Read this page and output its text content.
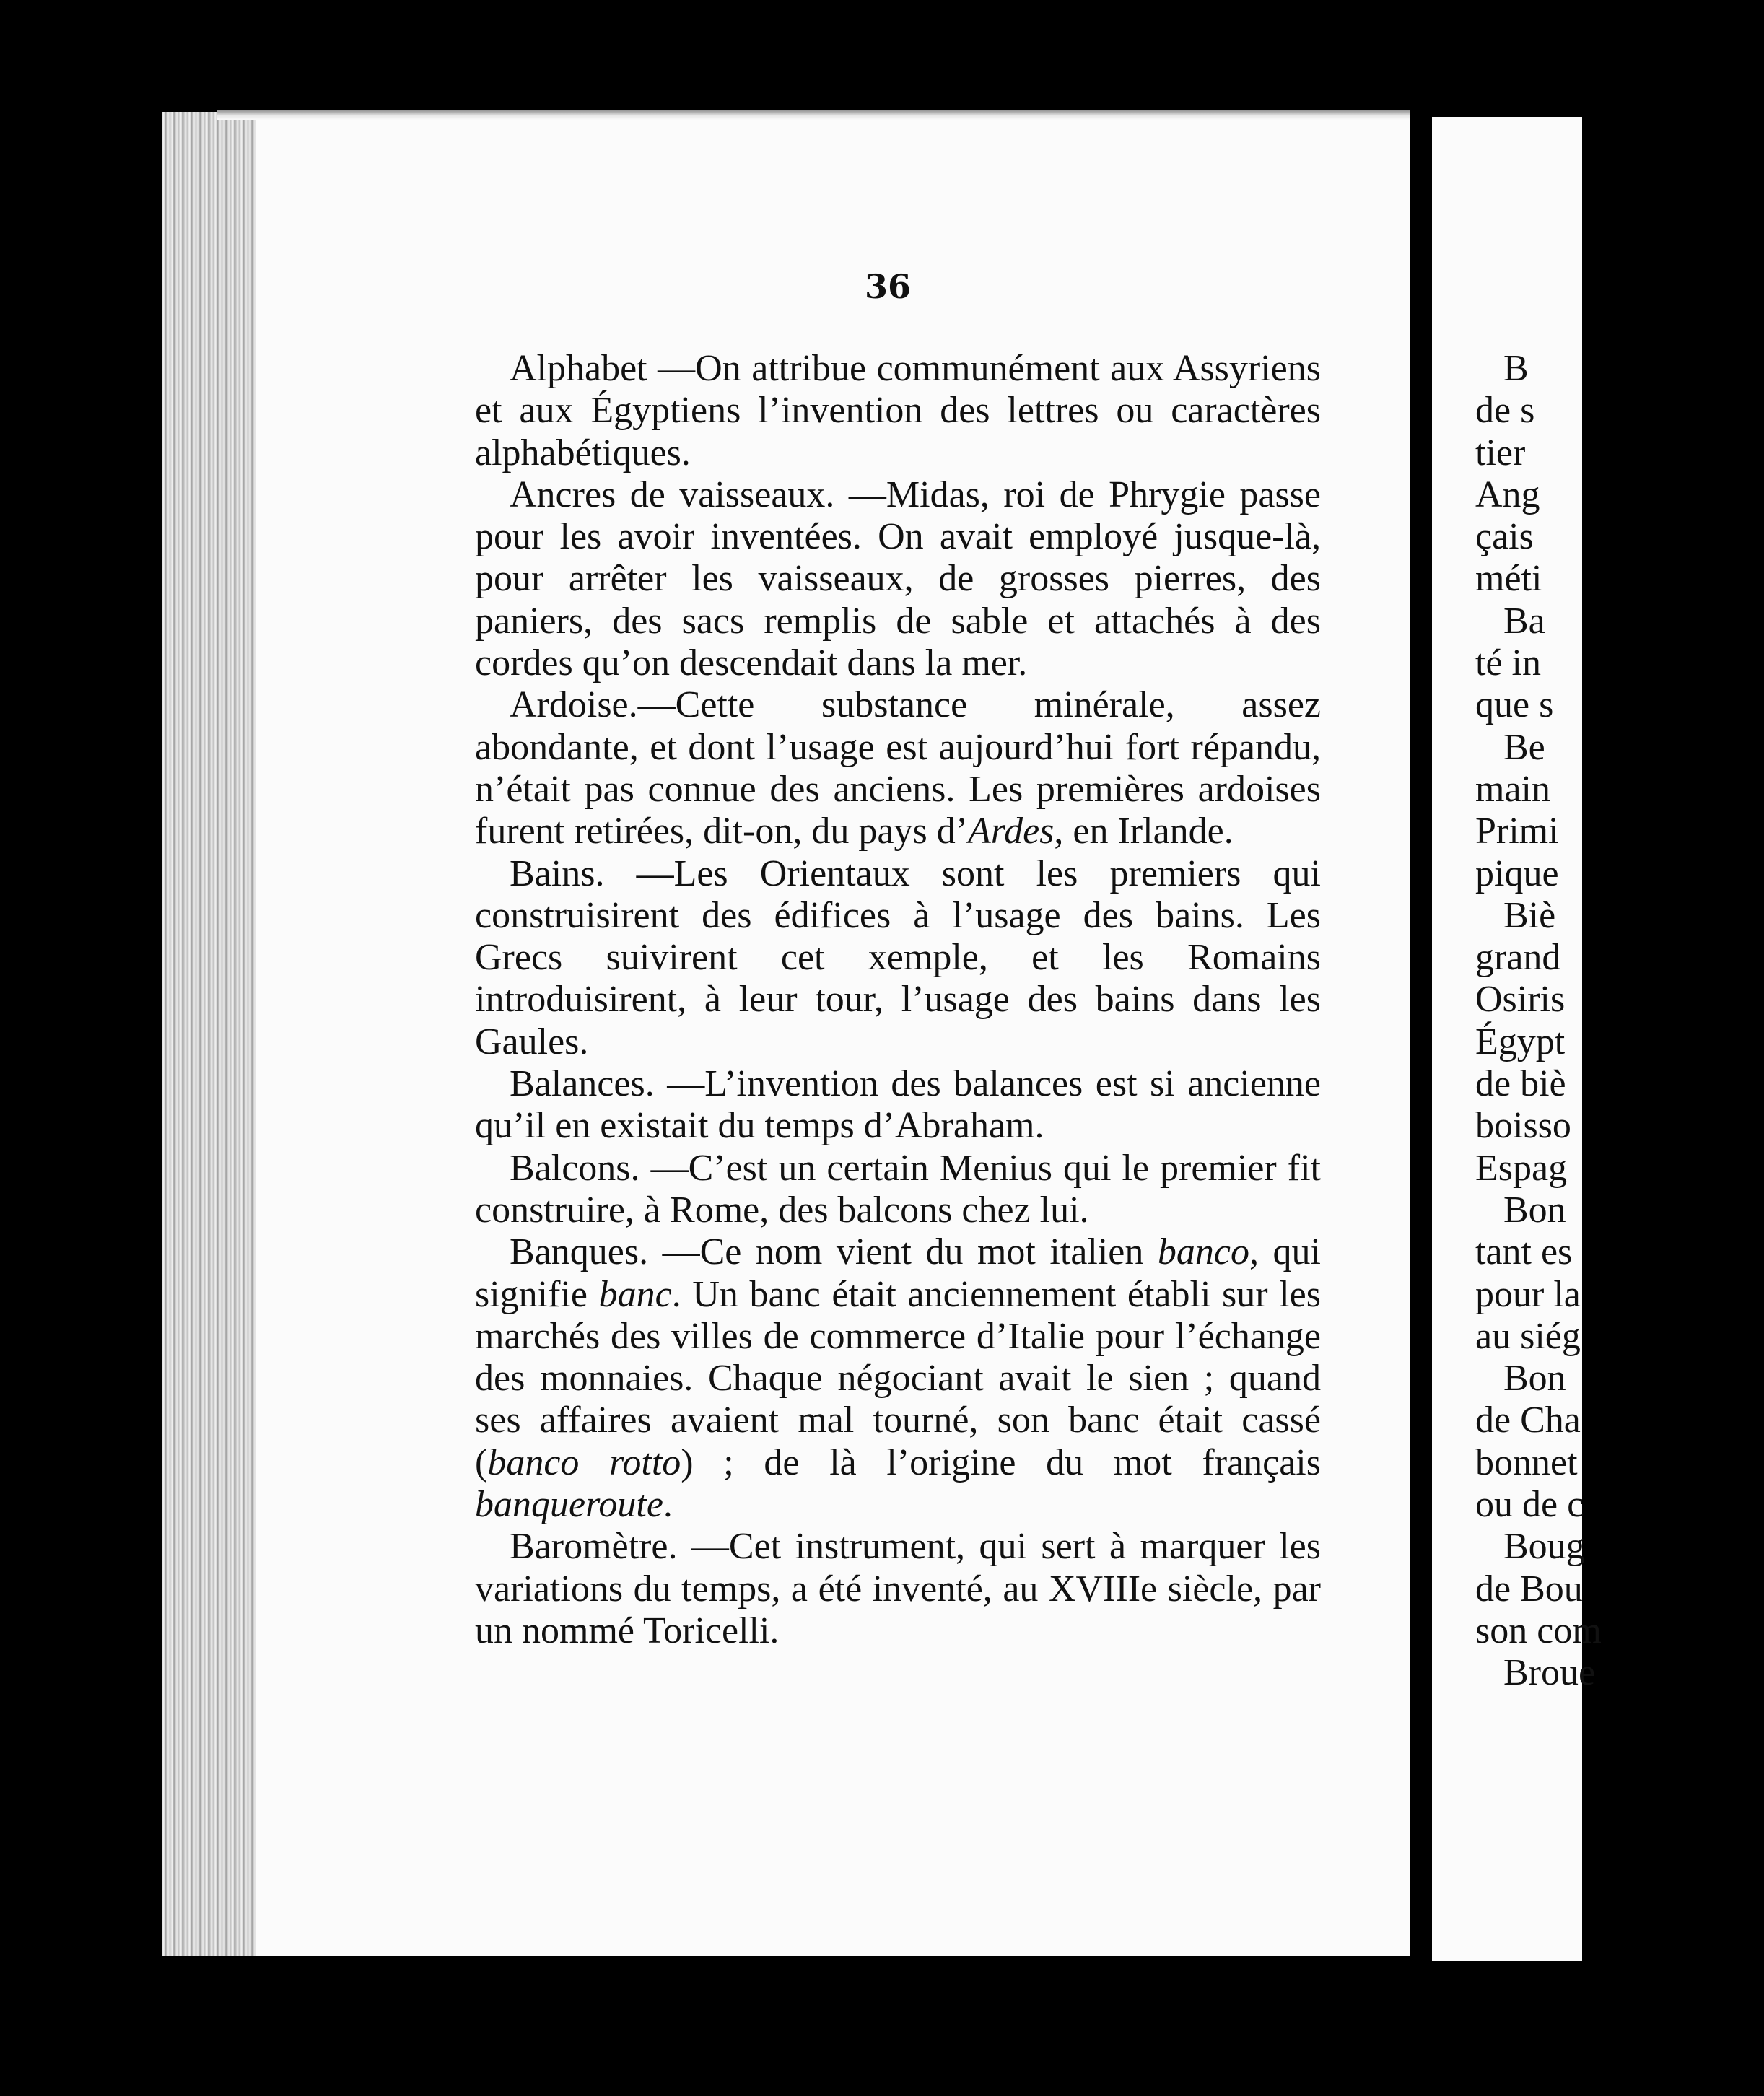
36

Alphabet —On attribue communément aux Assyriens et aux Égyptiens l’invention des lettres ou caractères alphabétiques.

Ancres de vaisseaux. —Midas, roi de Phrygie passe pour les avoir inventées. On avait employé jusque-là, pour arrêter les vaisseaux, de grosses pierres, des paniers, des sacs remplis de sable et attachés à des cordes qu’on descendait dans la mer.

Ardoise.—Cette substance minérale, assez abondante, et dont l’usage est aujourd’hui fort répandu, n’était pas connue des anciens. Les premières ardoises furent retirées, dit-on, du pays d’Ardes, en Irlande.

Bains. —Les Orientaux sont les premiers qui construisirent des édifices à l’usage des bains. Les Grecs suivirent cet xemple, et les Romains introduisirent, à leur tour, l’usage des bains dans les Gaules.

Balances. —L’invention des balances est si ancienne qu’il en existait du temps d’Abraham.

Balcons. —C’est un certain Menius qui le premier fit construire, à Rome, des balcons chez lui.

Banques. —Ce nom vient du mot italien banco, qui signifie banc. Un banc était anciennement établi sur les marchés des villes de commerce d’Italie pour l’échange des monnaies. Chaque négociant avait le sien ; quand ses affaires avaient mal tourné, son banc était cassé (banco rotto) ; de là l’origine du mot français banqueroute.

Baromètre. —Cet instrument, qui sert à marquer les variations du temps, a été inventé, au XVIIIe siècle, par un nommé Toricelli.

B
de s
tier
Ang
çais
méti
Ba
té in
que s
Be
main
Primi
pique
Biè
grand
Osiris
Égypt
de biè
boisso
Espag
Bon
tant es
pour la
au siég
Bon
de Cha
bonnet
ou de c
Boug
de Bou
son com
Broue
